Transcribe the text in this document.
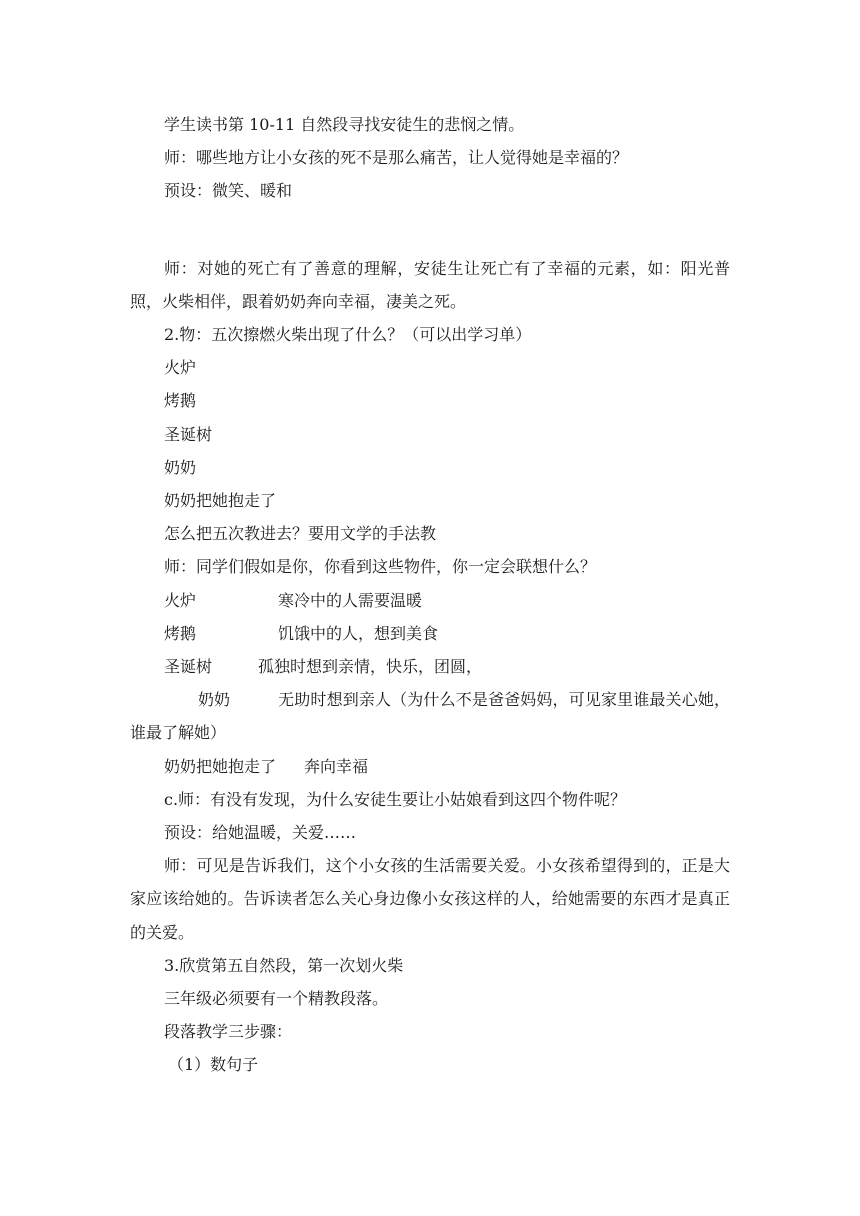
学生读书第 10-11 自然段寻找安徒生的悲悯之情。

师：哪些地方让小女孩的死不是那么痛苦，让人觉得她是幸福的？

预设：微笑、暖和

师：对她的死亡有了善意的理解，安徒生让死亡有了幸福的元素，如：阳光普照，火柴相伴，跟着奶奶奔向幸福，凄美之死。

2.物：五次擦燃火柴出现了什么？（可以出学习单）

火炉

烤鹅

圣诞树

奶奶

奶奶把她抱走了

怎么把五次教进去？要用文学的手法教

师：同学们假如是你，你看到这些物件，你一定会联想什么？

火炉	寒冷中的人需要温暖

烤鹅	饥饿中的人，想到美食

圣诞树	孤独时想到亲情，快乐，团圆，

奶奶	无助时想到亲人（为什么不是爸爸妈妈，可见家里谁最关心她，谁最了解她）

奶奶把她抱走了 奔向幸福

c.师：有没有发现，为什么安徒生要让小姑娘看到这四个物件呢？

预设：给她温暖，关爱……

师：可见是告诉我们，这个小女孩的生活需要关爱。小女孩希望得到的，正是大家应该给她的。告诉读者怎么关心身边像小女孩这样的人，给她需要的东西才是真正的关爱。

3.欣赏第五自然段，第一次划火柴

三年级必须要有一个精教段落。

段落教学三步骤：

（1）数句子
